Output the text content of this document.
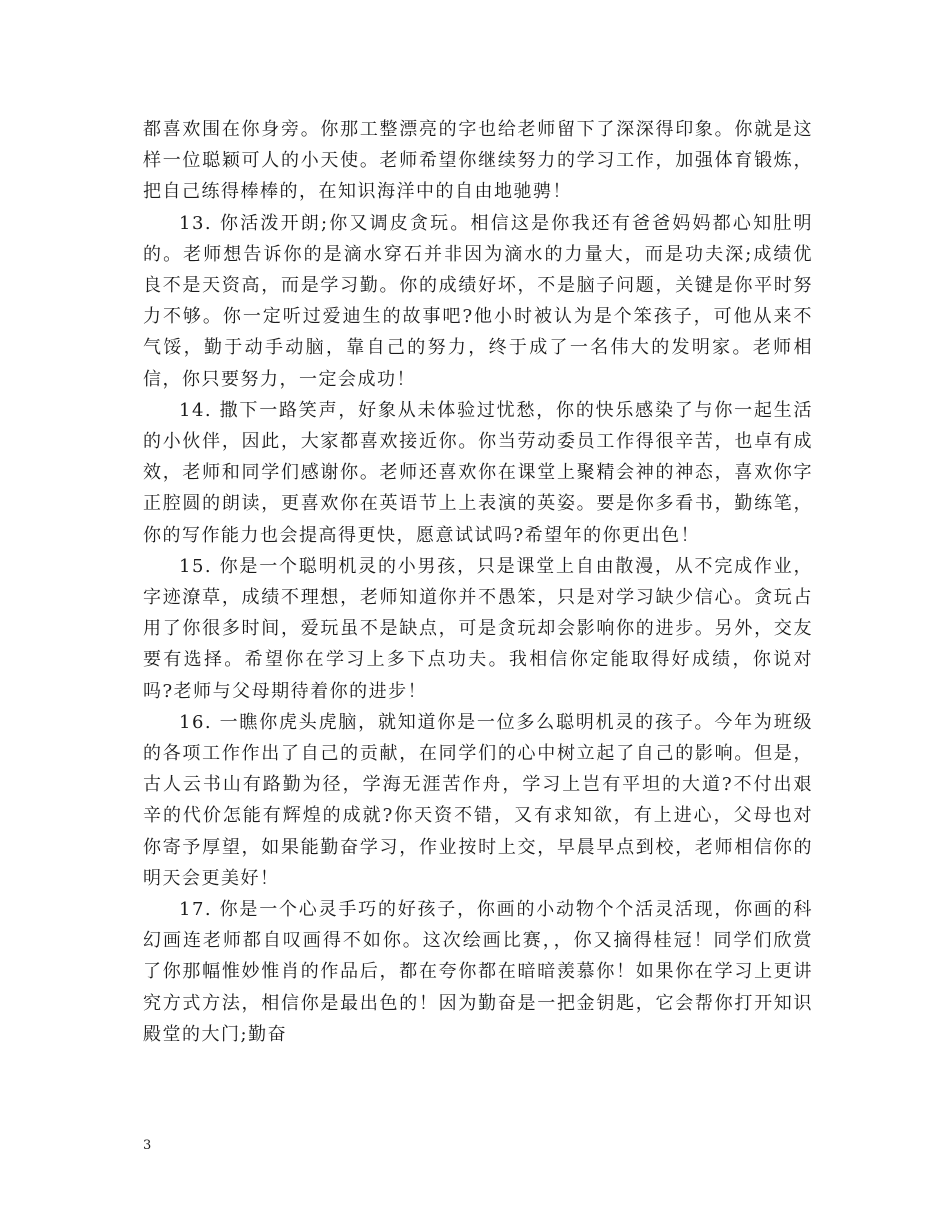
都喜欢围在你身旁。你那工整漂亮的字也给老师留下了深深得印象。你就是这样一位聪颖可人的小天使。老师希望你继续努力的学习工作，加强体育锻炼，把自己练得棒棒的，在知识海洋中的自由地驰骋！

13. 你活泼开朗;你又调皮贪玩。相信这是你我还有爸爸妈妈都心知肚明的。老师想告诉你的是滴水穿石并非因为滴水的力量大，而是功夫深;成绩优良不是天资高，而是学习勤。你的成绩好坏，不是脑子问题，关键是你平时努力不够。你一定听过爱迪生的故事吧?他小时被认为是个笨孩子，可他从来不气馁，勤于动手动脑，靠自己的努力，终于成了一名伟大的发明家。老师相信，你只要努力，一定会成功！

14. 撒下一路笑声，好象从未体验过忧愁，你的快乐感染了与你一起生活的小伙伴，因此，大家都喜欢接近你。你当劳动委员工作得很辛苦，也卓有成效，老师和同学们感谢你。老师还喜欢你在课堂上聚精会神的神态，喜欢你字正腔圆的朗读，更喜欢你在英语节上上表演的英姿。要是你多看书，勤练笔，你的写作能力也会提高得更快，愿意试试吗?希望年的你更出色！

15. 你是一个聪明机灵的小男孩，只是课堂上自由散漫，从不完成作业，字迹潦草，成绩不理想，老师知道你并不愚笨，只是对学习缺少信心。贪玩占用了你很多时间，爱玩虽不是缺点，可是贪玩却会影响你的进步。另外，交友要有选择。希望你在学习上多下点功夫。我相信你定能取得好成绩，你说对吗?老师与父母期待着你的进步！

16. 一瞧你虎头虎脑，就知道你是一位多么聪明机灵的孩子。今年为班级的各项工作作出了自己的贡献，在同学们的心中树立起了自己的影响。但是，古人云书山有路勤为径，学海无涯苦作舟，学习上岂有平坦的大道?不付出艰辛的代价怎能有辉煌的成就?你天资不错，又有求知欲，有上进心，父母也对你寄予厚望，如果能勤奋学习，作业按时上交，早晨早点到校，老师相信你的明天会更美好！

17. 你是一个心灵手巧的好孩子，你画的小动物个个活灵活现，你画的科幻画连老师都自叹画得不如你。这次绘画比赛，，你又摘得桂冠！同学们欣赏了你那幅惟妙惟肖的作品后，都在夸你都在暗暗羡慕你！如果你在学习上更讲究方式方法，相信你是最出色的！因为勤奋是一把金钥匙，它会帮你打开知识殿堂的大门;勤奋

3
